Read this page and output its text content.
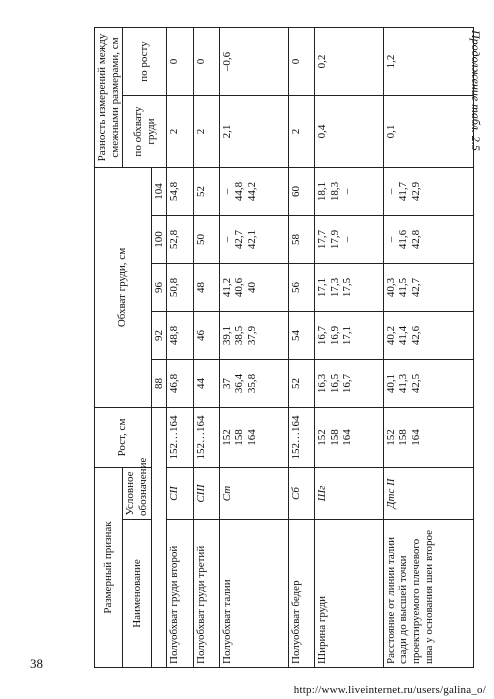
Продолжение табл. 2.5
Размерный признак		Рост, см	Обхват груди, см					Разность измерений между смежными размерами, см	
Наименование	Условное обозначение							по обхвату груди	по росту
			88	92	96	100	104		
Полуобхват груди второй	CII	152…164	46,8	48,8	50,8	52,8	54,8	2	0

Полуобхват груди третий	CIII	152…164	44	46	48	50	52	2	0

Полуобхват талии	Ст	152 158 164	37 36,4 35,8	39,1 38,5 37,9	41,2 40,6 40	– 42,7 42,1	– 44,8 44,2	2,1	–0,6

Полуобхват бедер	Сб	152…164	52	54	56	58	60	2	0

Ширина груди	Шг	152 158 164	16,3 16,5 16,7	16,7 16,9 17,1	17,1 17,3 17,5	17,7 17,9 –	18,1 18,3 –	0,4	0,2

Расстояние от линии талии сзади до высшей точки проектируемого плечевого шва у основания шеи второе	Дтс II	152 158 164	40,1 41,3 42,5	40,2 41,4 42,6	40,3 41,5 42,7	– 41,6 42,8	– 41,7 42,9	0,1	1,2
38
http://www.liveinternet.ru/users/galina_o/
